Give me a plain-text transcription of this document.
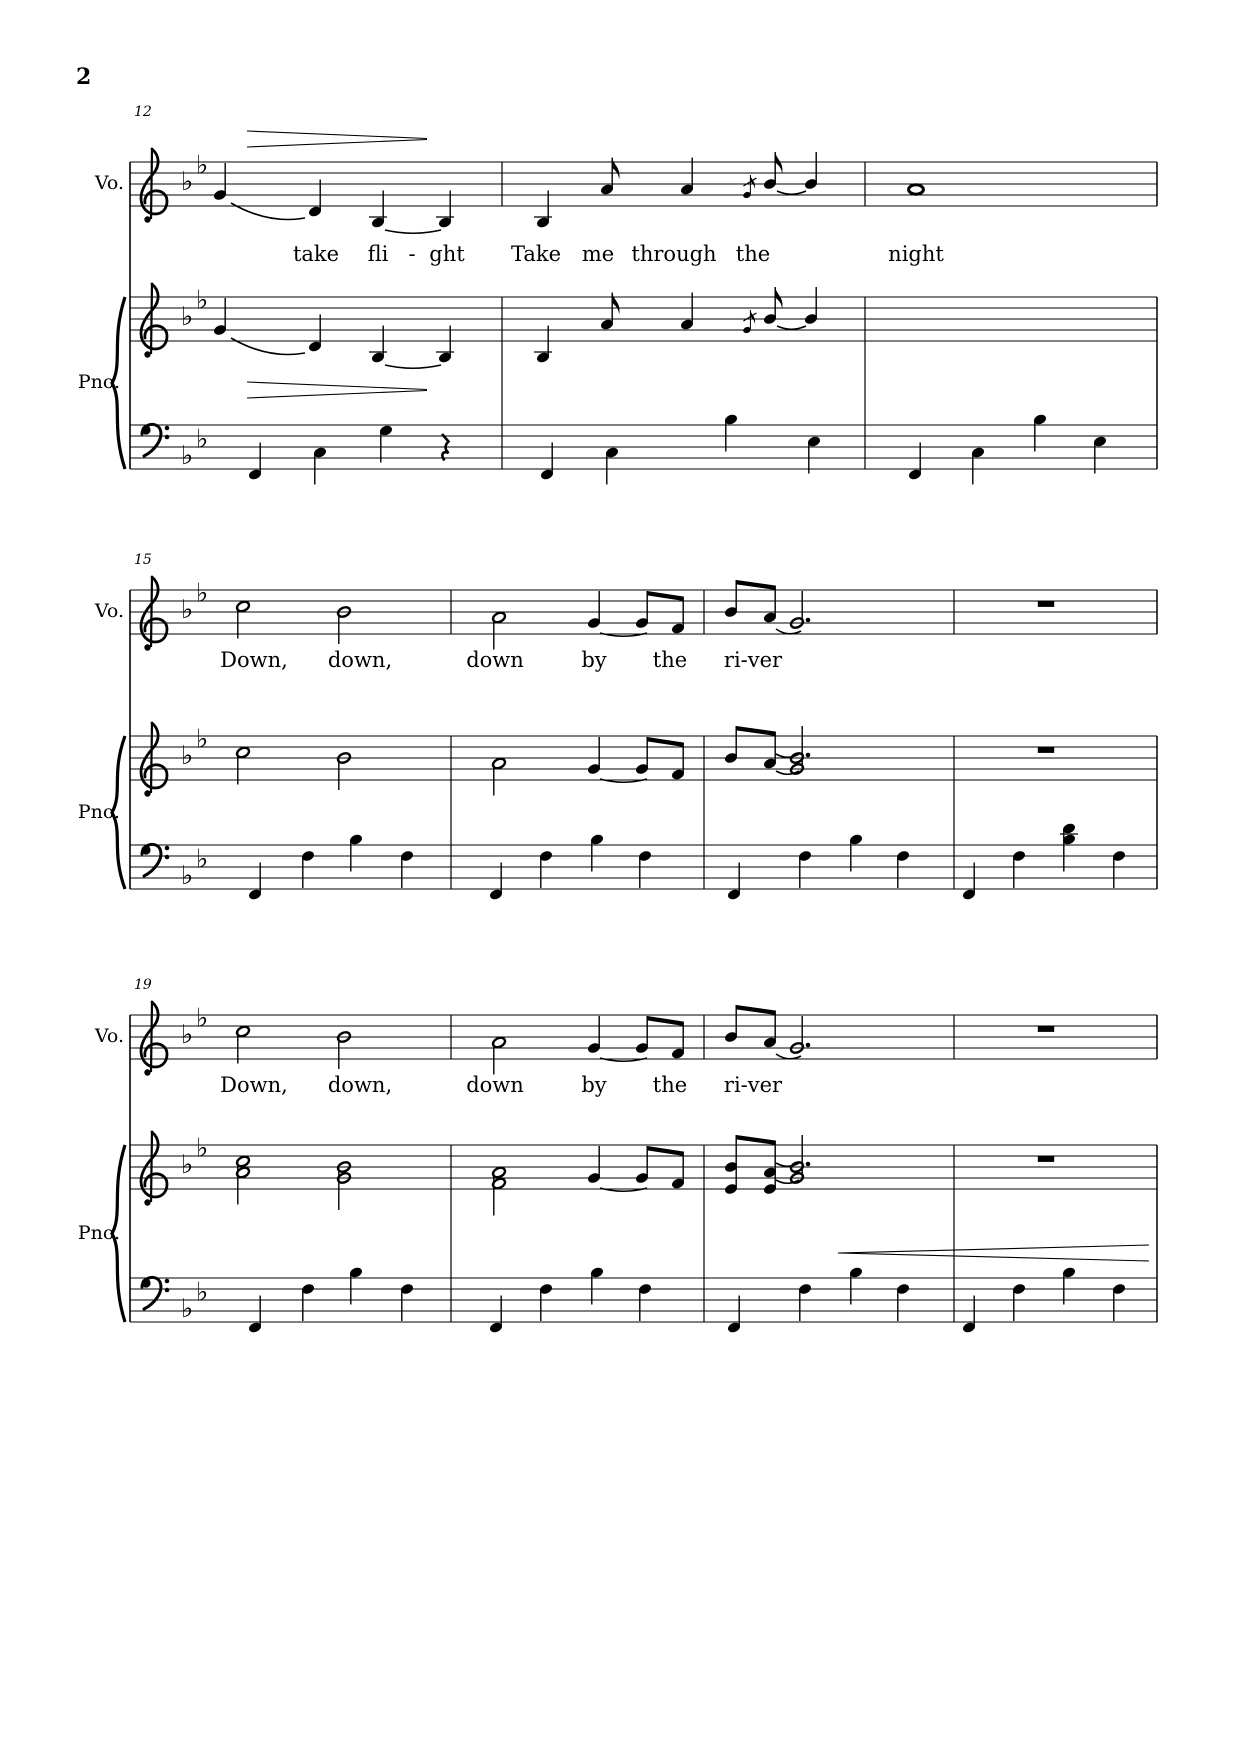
2
♭
♭
♭
♭
♭
♭
♭
♭
♭
♭
♭
♭
♭
♭
♭
♭
♭
♭
12
Vo.
Pno.
take fli - ght Take me through the	night
15
Vo.
Pno.
Down, down,	down	by the ri-ver
19
Vo.
Pno.
Down, down,	down	by the ri-ver
